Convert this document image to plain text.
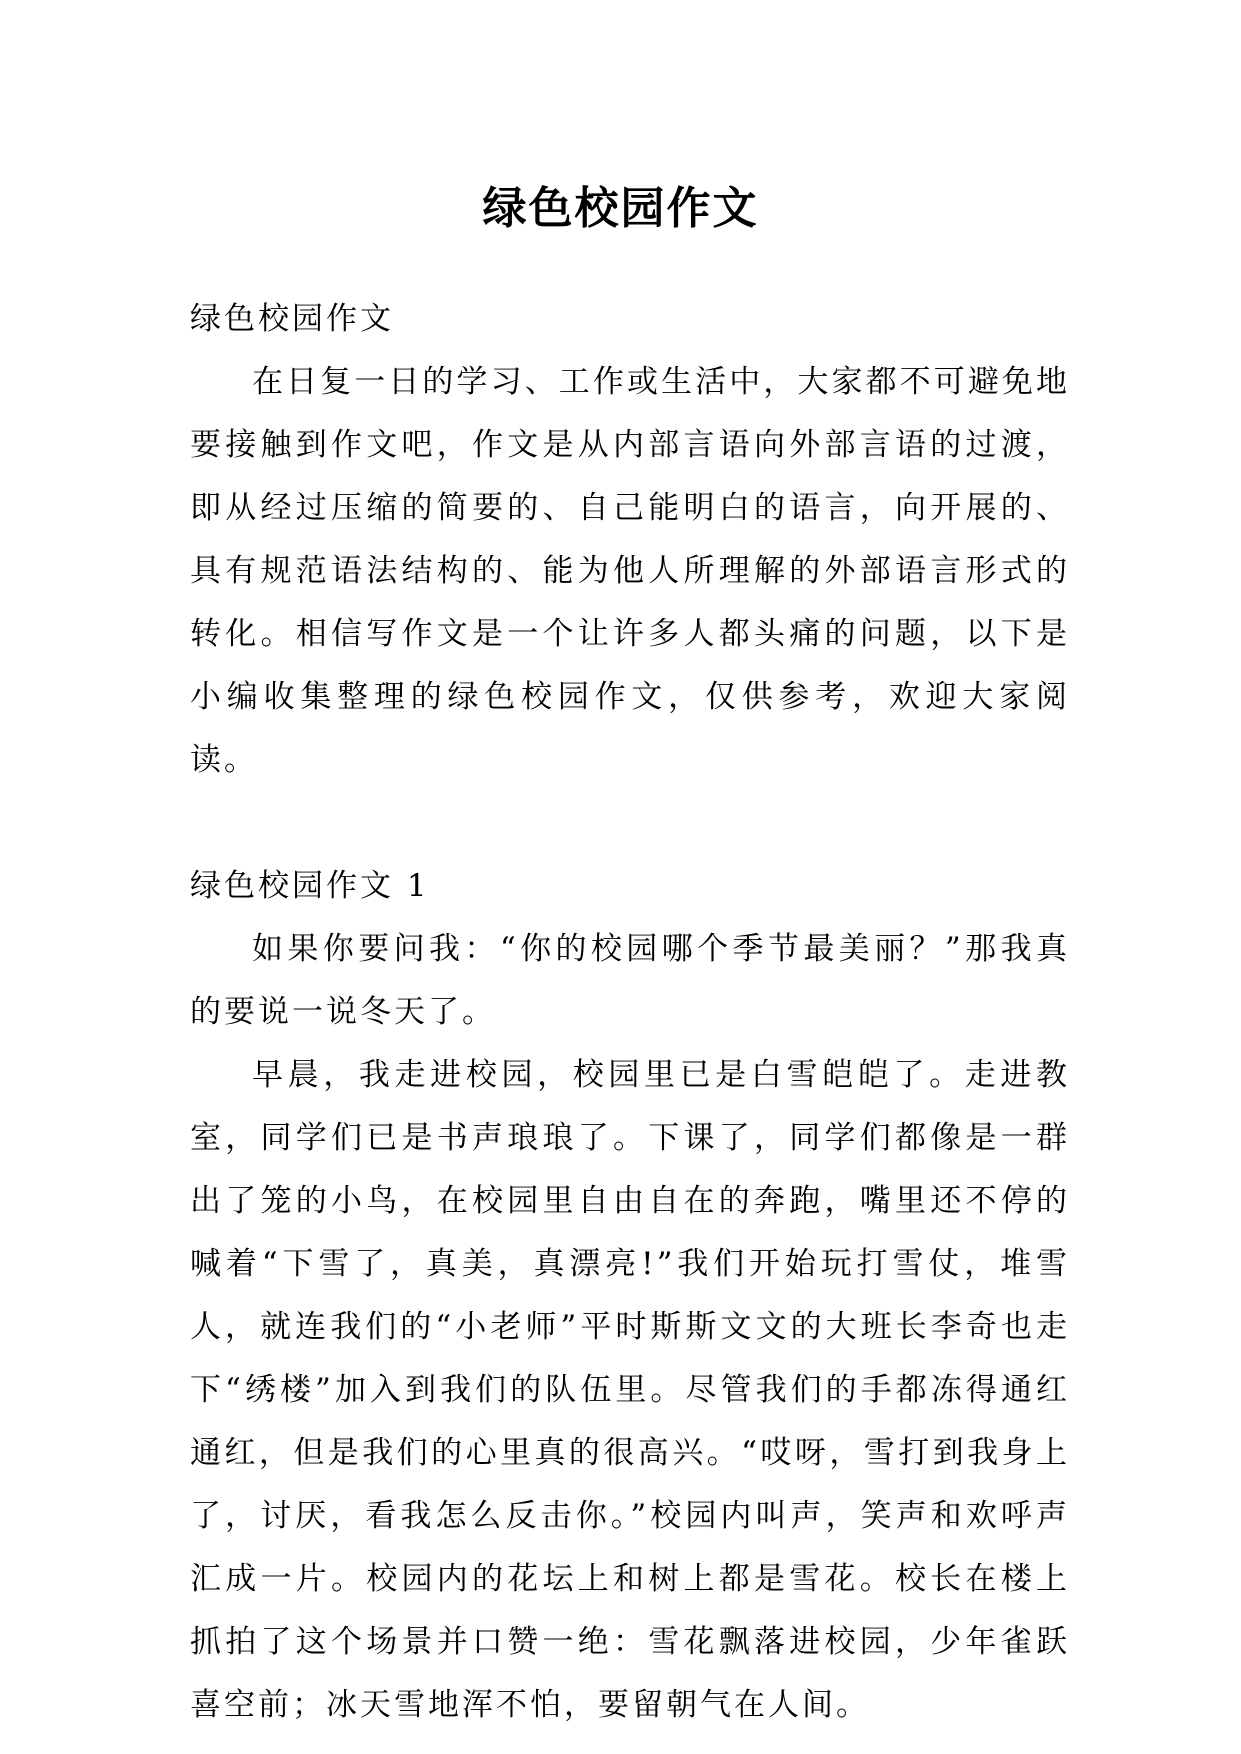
绿色校园作文

绿色校园作文

在日复一日的学习、工作或生活中，大家都不可避免地要接触到作文吧，作文是从内部言语向外部言语的过渡，即从经过压缩的简要的、自己能明白的语言，向开展的、具有规范语法结构的、能为他人所理解的外部语言形式的转化。相信写作文是一个让许多人都头痛的问题，以下是小编收集整理的绿色校园作文，仅供参考，欢迎大家阅读。

绿色校园作文 1

如果你要问我：“你的校园哪个季节最美丽？”那我真的要说一说冬天了。

早晨，我走进校园，校园里已是白雪皑皑了。走进教室，同学们已是书声琅琅了。下课了，同学们都像是一群出了笼的小鸟，在校园里自由自在的奔跑，嘴里还不停的喊着“下雪了，真美，真漂亮!”我们开始玩打雪仗，堆雪人，就连我们的“小老师”平时斯斯文文的大班长李奇也走下“绣楼”加入到我们的队伍里。尽管我们的手都冻得通红通红，但是我们的心里真的很高兴。“哎呀，雪打到我身上了，讨厌，看我怎么反击你。”校园内叫声，笑声和欢呼声汇成一片。校园内的花坛上和树上都是雪花。校长在楼上抓拍了这个场景并口赞一绝：雪花飘落进校园，少年雀跃喜空前；冰天雪地浑不怕，要留朝气在人间。
